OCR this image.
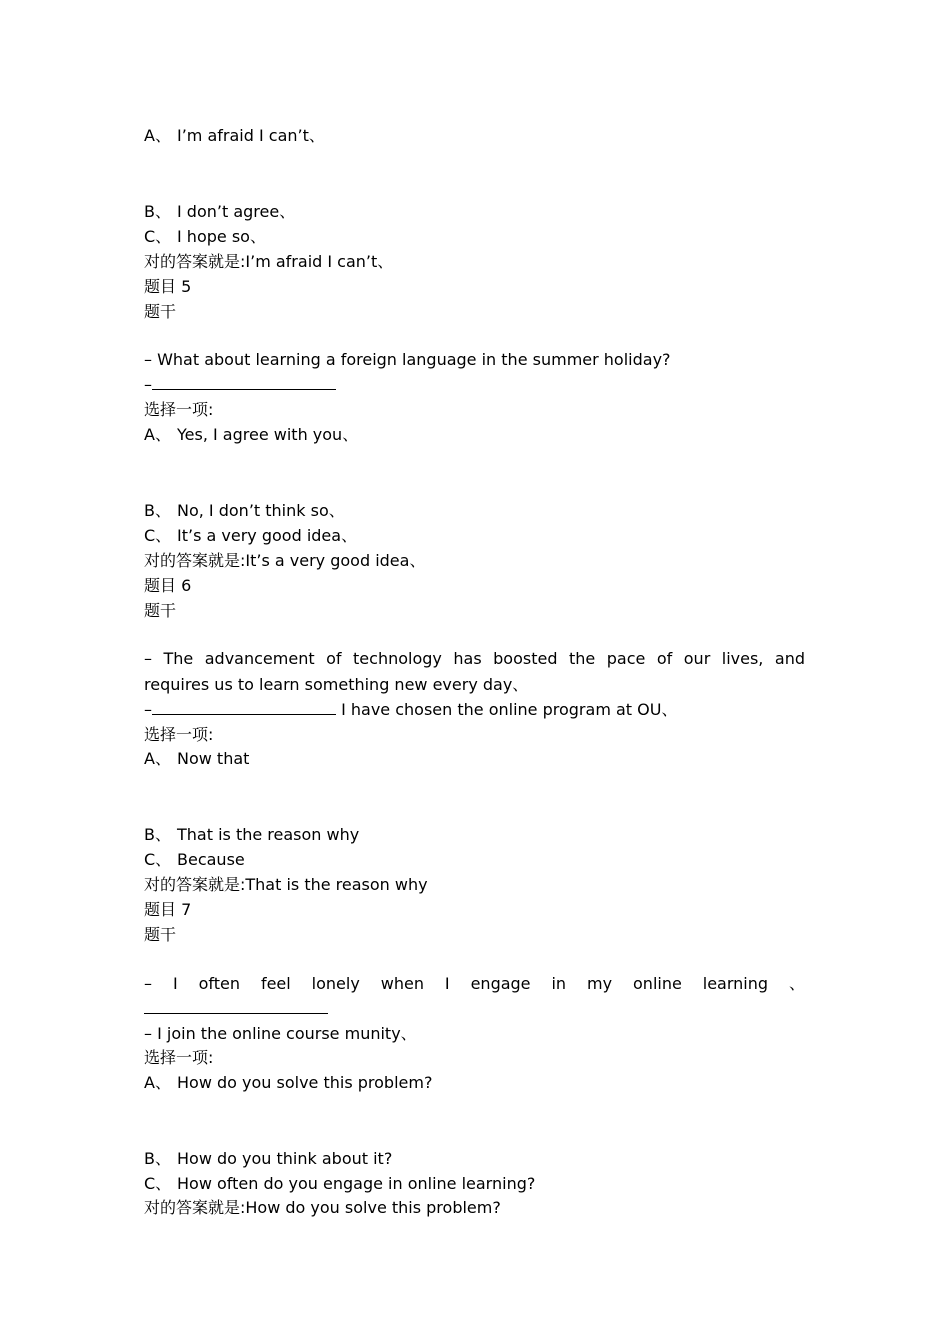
A、 I’m afraid I can’t、
B、 I don’t agree、
C、 I hope so、
对的答案就是:I’m afraid I can’t、
题目 5
题干
– What about learning a foreign language in the summer holiday?
–
选择一项:
A、 Yes, I agree with you、
B、 No, I don’t think so、
C、 It’s a very good idea、
对的答案就是:It’s a very good idea、
题目 6
题干
– The advancement of technology has boosted the pace of our lives, and
requires us to learn something new every day、
–	I have chosen the online program at OU、
选择一项:
A、 Now that
B、 That is the reason why
C、 Because
对的答案就是:That is the reason why
题目 7
题干
– I often feel lonely when I engage in my online learning 、
– I join the online course munity、
选择一项:
A、 How do you solve this problem?
B、 How do you think about it?
C、 How often do you engage in online learning?
对的答案就是:How do you solve this problem?
